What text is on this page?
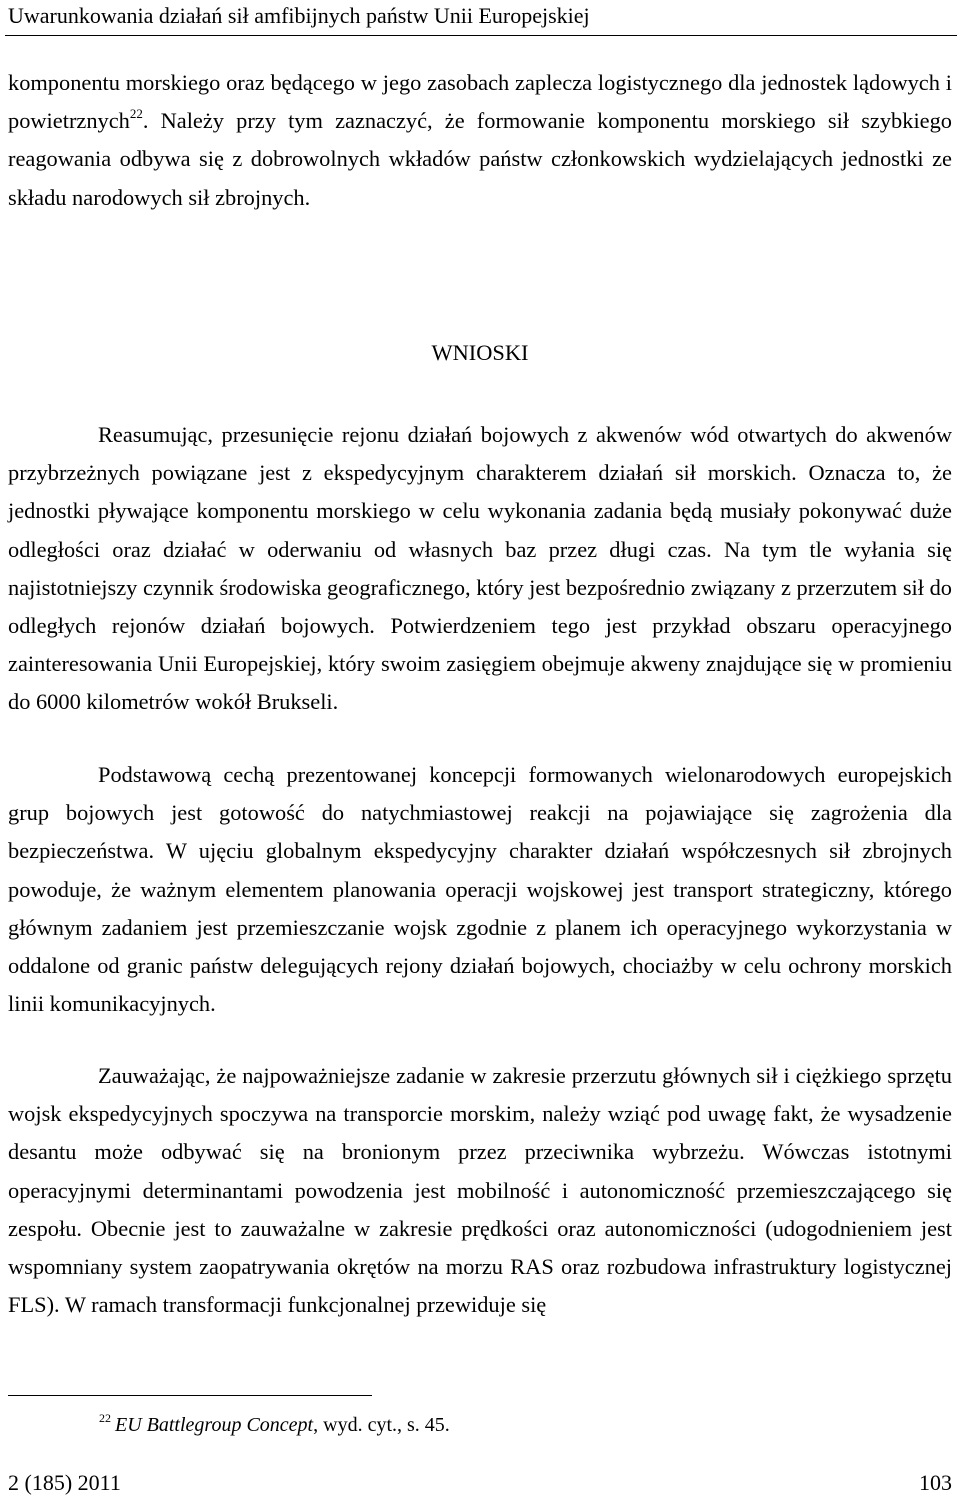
Uwarunkowania działań sił amfibijnych państw Unii Europejskiej

komponentu morskiego oraz będącego w jego zasobach zaplecza logistycznego dla jednostek lądowych i powietrznych$^{22}$. Należy przy tym zaznaczyć, że formowanie komponentu morskiego sił szybkiego reagowania odbywa się z dobrowolnych wkładów państw członkowskich wydzielających jednostki ze składu narodowych sił zbrojnych.

WNIOSKI

Reasumując, przesunięcie rejonu działań bojowych z akwenów wód otwartych do akwenów przybrzeżnych powiązane jest z ekspedycyjnym charakterem działań sił morskich. Oznacza to, że jednostki pływające komponentu morskiego w celu wykonania zadania będą musiały pokonywać duże odległości oraz działać w oderwaniu od własnych baz przez długi czas. Na tym tle wyłania się najistotniejszy czynnik środowiska geograficznego, który jest bezpośrednio związany z przerzutem sił do odległych rejonów działań bojowych. Potwierdzeniem tego jest przykład obszaru operacyjnego zainteresowania Unii Europejskiej, który swoim zasięgiem obejmuje akweny znajdujące się w promieniu do 6000 kilometrów wokół Brukseli.

Podstawową cechą prezentowanej koncepcji formowanych wielonarodowych europejskich grup bojowych jest gotowość do natychmiastowej reakcji na pojawiające się zagrożenia dla bezpieczeństwa. W ujęciu globalnym ekspedycyjny charakter działań współczesnych sił zbrojnych powoduje, że ważnym elementem planowania operacji wojskowej jest transport strategiczny, którego głównym zadaniem jest przemieszczanie wojsk zgodnie z planem ich operacyjnego wykorzystania w oddalone od granic państw delegujących rejony działań bojowych, chociażby w celu ochrony morskich linii komunikacyjnych.

Zauważając, że najpoważniejsze zadanie w zakresie przerzutu głównych sił i ciężkiego sprzętu wojsk ekspedycyjnych spoczywa na transporcie morskim, należy wziąć pod uwagę fakt, że wysadzenie desantu może odbywać się na bronionym przez przeciwnika wybrzeżu. Wówczas istotnymi operacyjnymi determinantami powodzenia jest mobilność i autonomiczność przemieszczającego się zespołu. Obecnie jest to zauważalne w zakresie prędkości oraz autonomiczności (udogodnieniem jest wspomniany system zaopatrywania okrętów na morzu RAS oraz rozbudowa infrastruktury logistycznej FLS). W ramach transformacji funkcjonalnej przewiduje się

$^{22}$ EU Battlegroup Concept, wyd. cyt., s. 45.
2 (185) 2011	103
